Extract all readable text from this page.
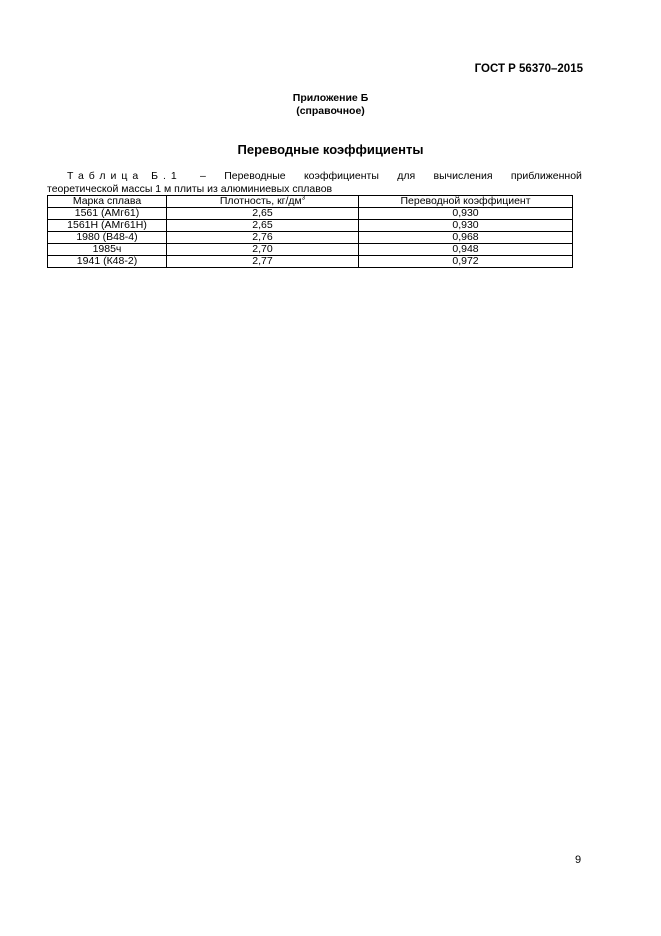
ГОСТ Р 56370–2015
Приложение Б
(справочное)
Переводные коэффициенты
Таблица Б.1 – Переводные коэффициенты для вычисления приближенной
теоретической массы 1 м плиты из алюминиевых сплавов
Марка сплава	Плотность, $кг/дм^3$	Переводной коэффициент
1561 (АМг61)	2,65	0,930
1561Н (АМг61Н)	2,65	0,930
1980 (В48-4)	2,76	0,968
1985ч	2,70	0,948
1941 (К48-2)	2,77	0,972
9
